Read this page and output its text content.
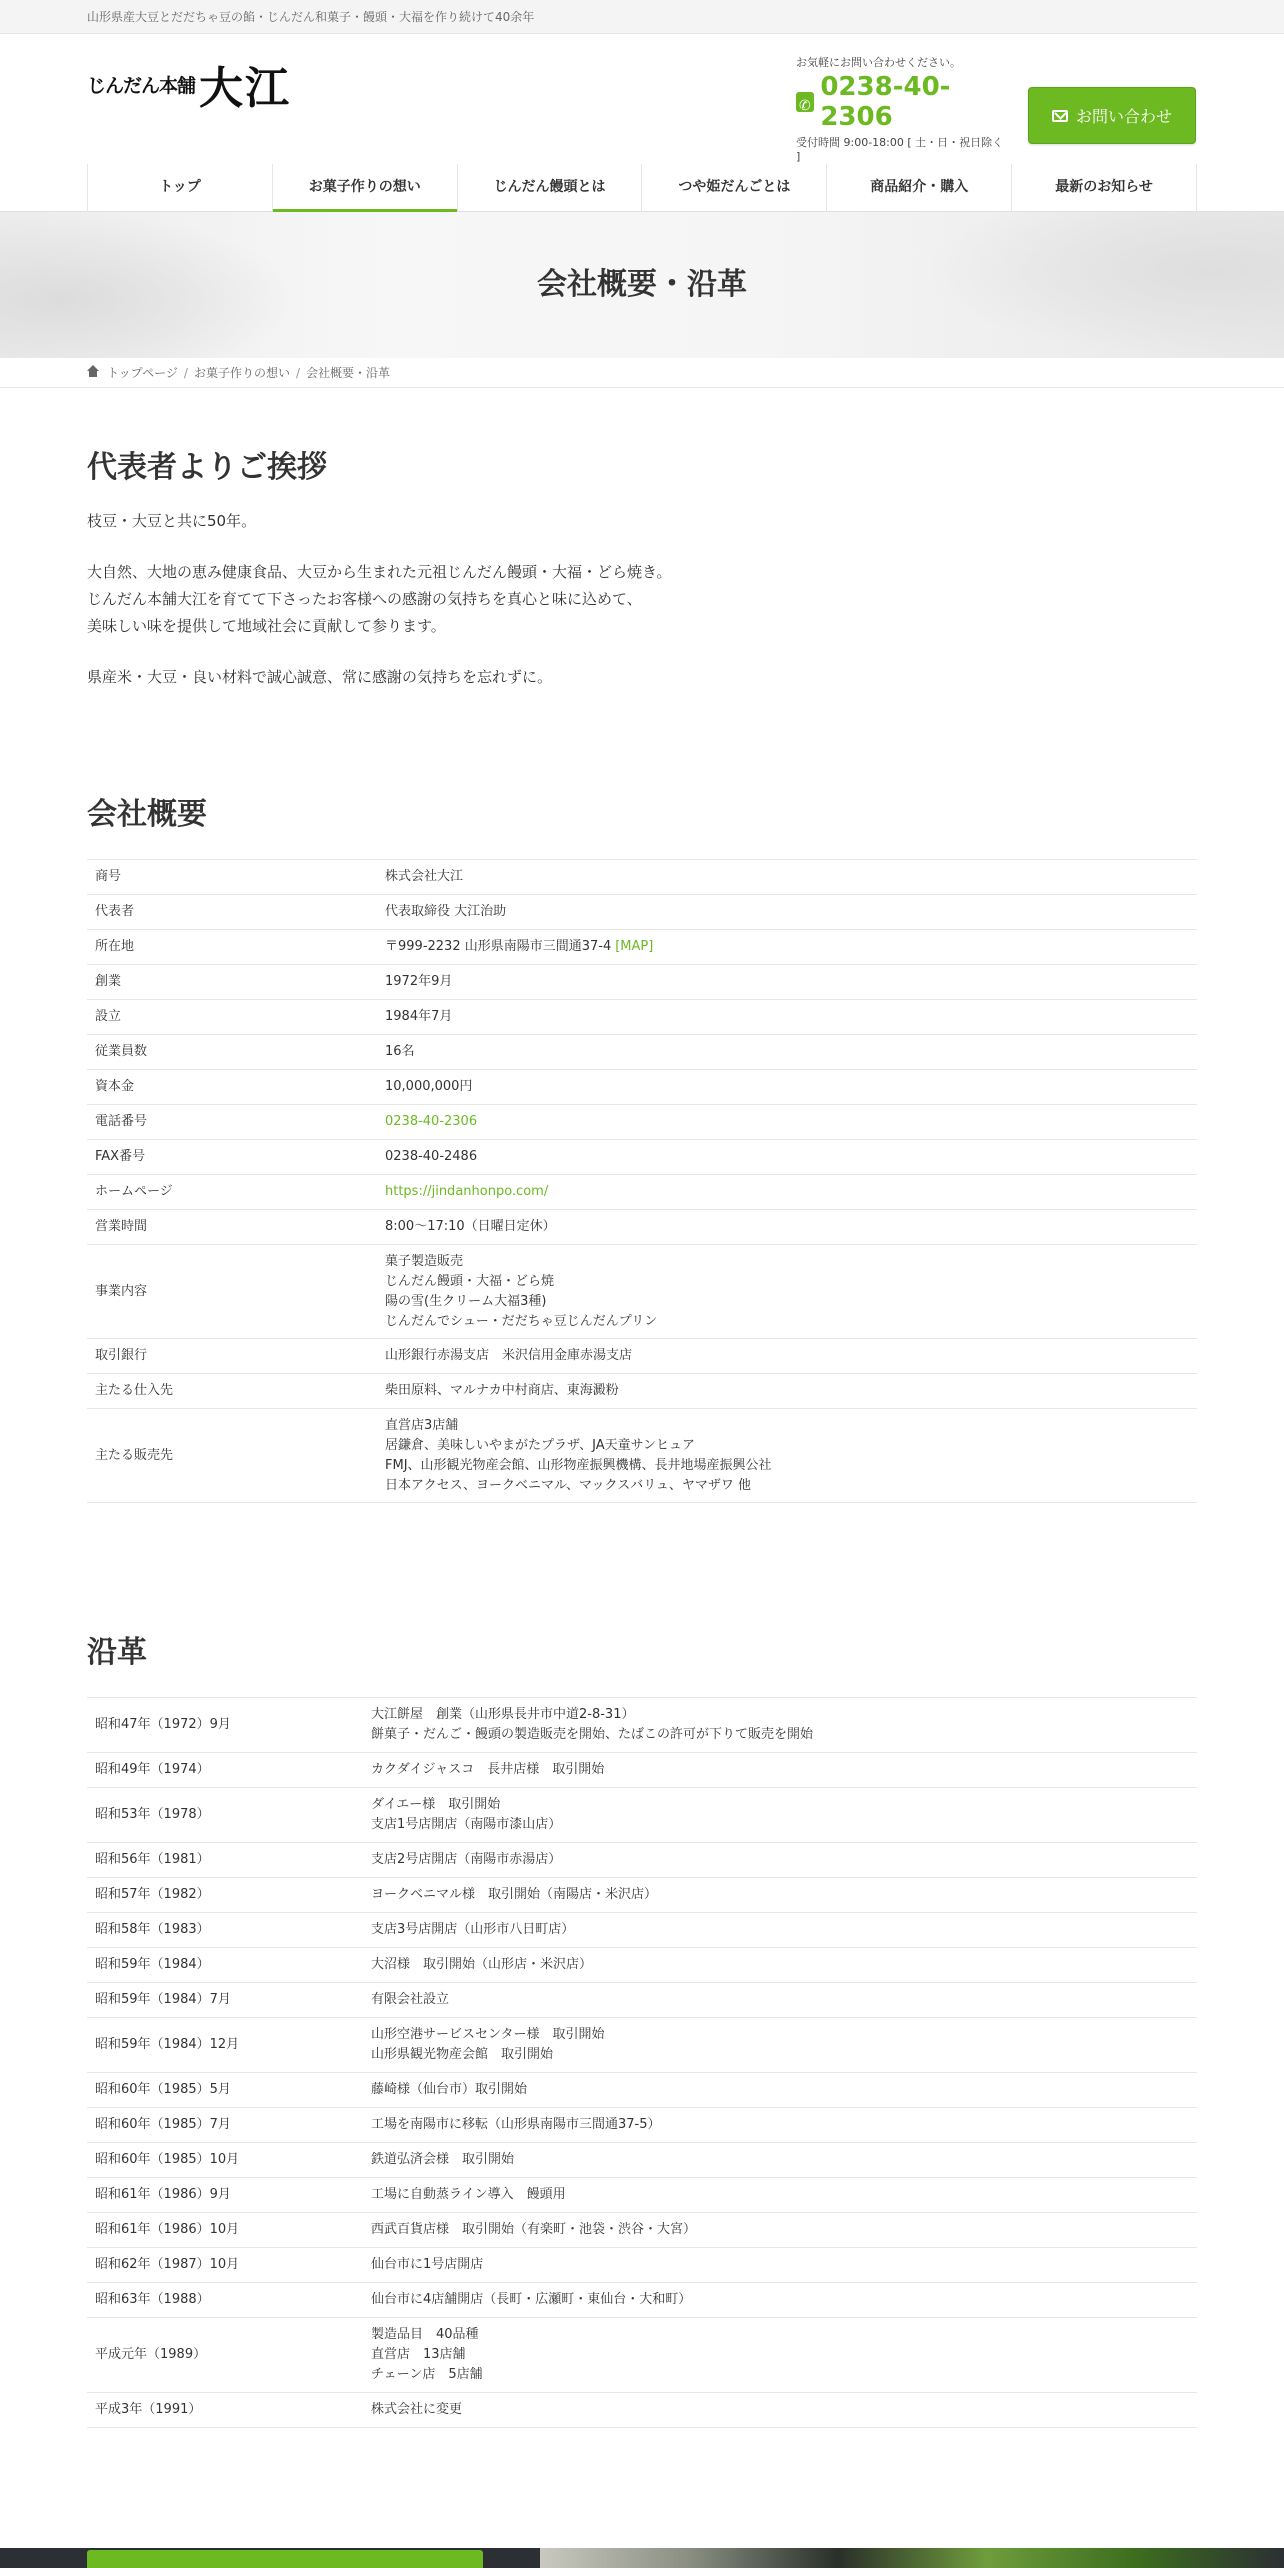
山形県産大豆とだだちゃ豆の餡・じんだん和菓子・饅頭・大福を作り続けて40余年
じんだん本舗 大江
お気軽にお問い合わせください。
✆
0238-40-2306
受付時間 9:00-18:00 [ 土・日・祝日除く ]
お問い合わせ
トップ	お菓子作りの想い	じんだん饅頭とは	つや姫だんごとは	商品紹介・購入	最新のお知らせ
会社概要・沿革
トップページ / お菓子作りの想い / 会社概要・沿革
代表者よりご挨拶

枝豆・大豆と共に50年。

大自然、大地の恵み健康食品、大豆から生まれた元祖じんだん饅頭・大福・どら焼き。
じんだん本舗大江を育てて下さったお客様への感謝の気持ちを真心と味に込めて、
美味しい味を提供して地域社会に貢献して参ります。

県産米・大豆・良い材料で誠心誠意、常に感謝の気持ちを忘れずに。

会社概要
商号	株式会社大江
代表者	代表取締役 大江治助
所在地	〒999-2232 山形県南陽市三間通37-4 [MAP]
創業	1972年9月
設立	1984年7月
従業員数	16名
資本金	10,000,000円
電話番号	0238-40-2306
FAX番号	0238-40-2486
ホームページ	https://jindanhonpo.com/
営業時間	8:00～17:10（日曜日定休）
事業内容	菓子製造販売
じんだん饅頭・大福・どら焼
陽の雪(生クリーム大福3種)
じんだんでシュー・だだちゃ豆じんだんプリン
取引銀行	山形銀行赤湯支店　米沢信用金庫赤湯支店
主たる仕入先	柴田原料、マルナカ中村商店、東海澱粉
主たる販売先	直営店3店舗
居鎌倉、美味しいやまがたプラザ、JA天童サンヒュア
FMJ、山形観光物産会館、山形物産振興機構、長井地場産振興公社
日本アクセス、ヨークベニマル、マックスバリュ、ヤマザワ 他
沿革
昭和47年（1972）9月	大江餅屋　創業（山形県長井市中道2-8-31）
餅菓子・だんご・饅頭の製造販売を開始、たばこの許可が下りて販売を開始
昭和49年（1974）	カクダイジャスコ　長井店様　取引開始
昭和53年（1978）	ダイエー様　取引開始
支店1号店開店（南陽市漆山店）
昭和56年（1981）	支店2号店開店（南陽市赤湯店）
昭和57年（1982）	ヨークベニマル様　取引開始（南陽店・米沢店）
昭和58年（1983）	支店3号店開店（山形市八日町店）
昭和59年（1984）	大沼様　取引開始（山形店・米沢店）
昭和59年（1984）7月	有限会社設立
昭和59年（1984）12月	山形空港サービスセンター様　取引開始
山形県観光物産会館　取引開始
昭和60年（1985）5月	藤崎様（仙台市）取引開始
昭和60年（1985）7月	工場を南陽市に移転（山形県南陽市三間通37-5）
昭和60年（1985）10月	鉄道弘済会様　取引開始
昭和61年（1986）9月	工場に自動蒸ライン導入　饅頭用
昭和61年（1986）10月	西武百貨店様　取引開始（有楽町・池袋・渋谷・大宮）
昭和62年（1987）10月	仙台市に1号店開店
昭和63年（1988）	仙台市に4店舗開店（長町・広瀬町・東仙台・大和町）
平成元年（1989）	製造品目　40品種
直営店　13店舗
チェーン店　5店舗
平成3年（1991）	株式会社に変更
